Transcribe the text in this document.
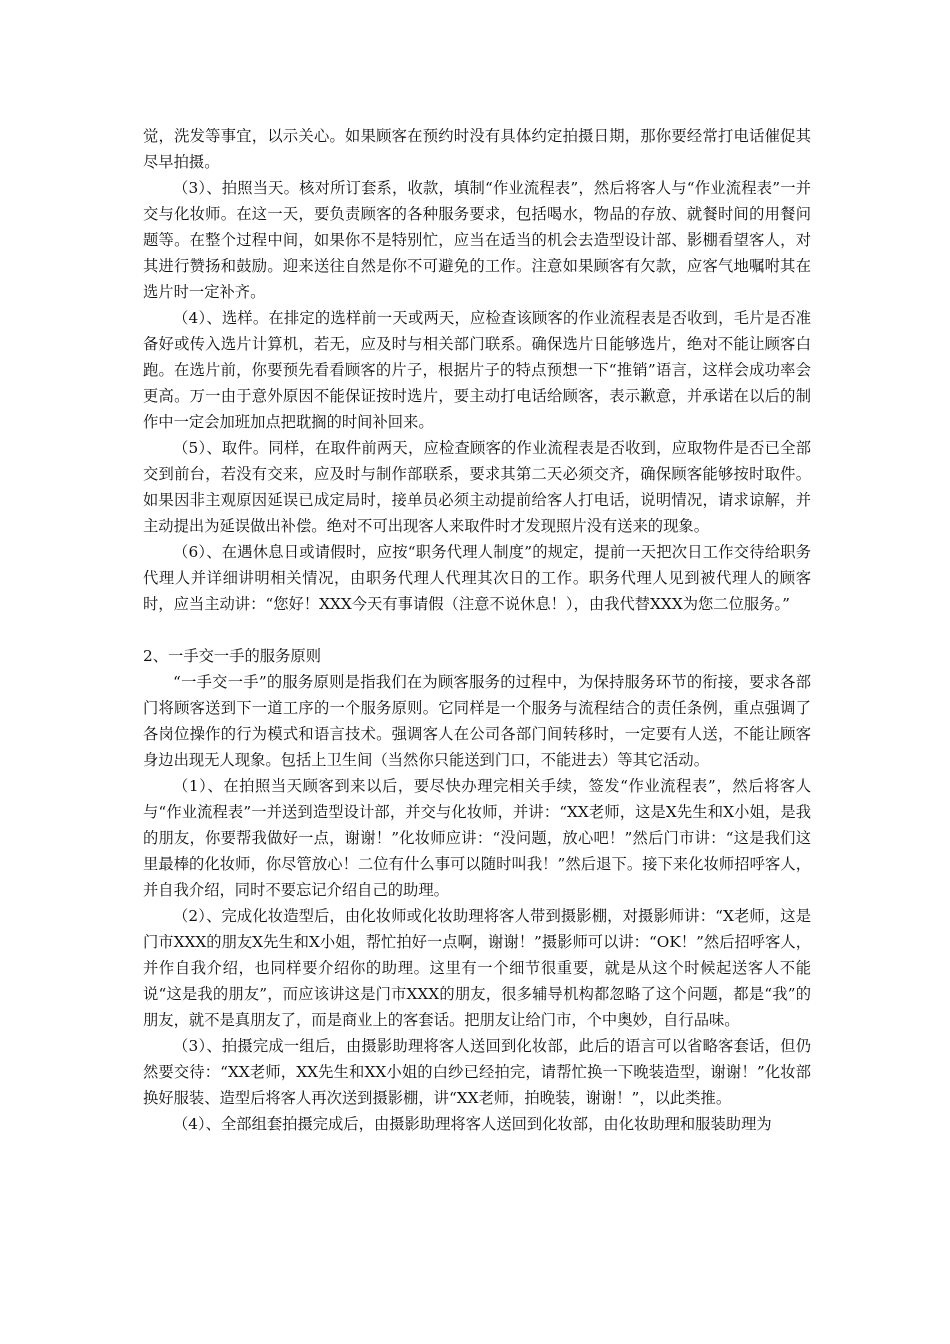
觉，洗发等事宜，以示关心。如果顾客在预约时没有具体约定拍摄日期，那你要经常打电话催促其尽早拍摄。

（3）、拍照当天。核对所订套系，收款，填制“作业流程表”，然后将客人与“作业流程表”一并交与化妆师。在这一天，要负责顾客的各种服务要求，包括喝水，物品的存放、就餐时间的用餐问题等。在整个过程中间，如果你不是特别忙，应当在适当的机会去造型设计部、影棚看望客人，对其进行赞扬和鼓励。迎来送往自然是你不可避免的工作。注意如果顾客有欠款，应客气地嘱咐其在选片时一定补齐。

（4）、选样。在排定的选样前一天或两天，应检查该顾客的作业流程表是否收到，毛片是否准备好或传入选片计算机，若无，应及时与相关部门联系。确保选片日能够选片，绝对不能让顾客白跑。在选片前，你要预先看看顾客的片子，根据片子的特点预想一下“推销”语言，这样会成功率会更高。万一由于意外原因不能保证按时选片，要主动打电话给顾客，表示歉意，并承诺在以后的制作中一定会加班加点把耽搁的时间补回来。

（5）、取件。同样，在取件前两天，应检查顾客的作业流程表是否收到，应取物件是否已全部交到前台，若没有交来，应及时与制作部联系，要求其第二天必须交齐，确保顾客能够按时取件。如果因非主观原因延误已成定局时，接单员必须主动提前给客人打电话，说明情况，请求谅解，并主动提出为延误做出补偿。绝对不可出现客人来取件时才发现照片没有送来的现象。

（6）、在遇休息日或请假时，应按“职务代理人制度”的规定，提前一天把次日工作交待给职务代理人并详细讲明相关情况，由职务代理人代理其次日的工作。职务代理人见到被代理人的顾客时，应当主动讲：“您好！XXX今天有事请假（注意不说休息！），由我代替XXX为您二位服务。”

2、一手交一手的服务原则

“一手交一手”的服务原则是指我们在为顾客服务的过程中，为保持服务环节的衔接，要求各部门将顾客送到下一道工序的一个服务原则。它同样是一个服务与流程结合的责任条例，重点强调了各岗位操作的行为模式和语言技术。强调客人在公司各部门间转移时，一定要有人送，不能让顾客身边出现无人现象。包括上卫生间（当然你只能送到门口，不能进去）等其它活动。

（1）、在拍照当天顾客到来以后，要尽快办理完相关手续，签发“作业流程表”，然后将客人与“作业流程表”一并送到造型设计部，并交与化妆师，并讲：“XX老师，这是X先生和X小姐，是我的朋友，你要帮我做好一点，谢谢！”化妆师应讲：“没问题，放心吧！”然后门市讲：“这是我们这里最棒的化妆师，你尽管放心！二位有什么事可以随时叫我！”然后退下。接下来化妆师招呼客人，并自我介绍，同时不要忘记介绍自己的助理。

（2）、完成化妆造型后，由化妆师或化妆助理将客人带到摄影棚，对摄影师讲：“X老师，这是门市XXX的朋友X先生和X小姐，帮忙拍好一点啊，谢谢！”摄影师可以讲：“OK！”然后招呼客人，并作自我介绍，也同样要介绍你的助理。这里有一个细节很重要，就是从这个时候起送客人不能说“这是我的朋友”，而应该讲这是门市XXX的朋友，很多辅导机构都忽略了这个问题，都是“我”的朋友，就不是真朋友了，而是商业上的客套话。把朋友让给门市，个中奥妙，自行品味。

（3）、拍摄完成一组后，由摄影助理将客人送回到化妆部，此后的语言可以省略客套话，但仍然要交待：“XX老师，XX先生和XX小姐的白纱已经拍完，请帮忙换一下晚装造型，谢谢！”化妆部换好服装、造型后将客人再次送到摄影棚，讲“XX老师，拍晚装，谢谢！”，以此类推。

（4）、全部组套拍摄完成后，由摄影助理将客人送回到化妆部，由化妆助理和服装助理为
